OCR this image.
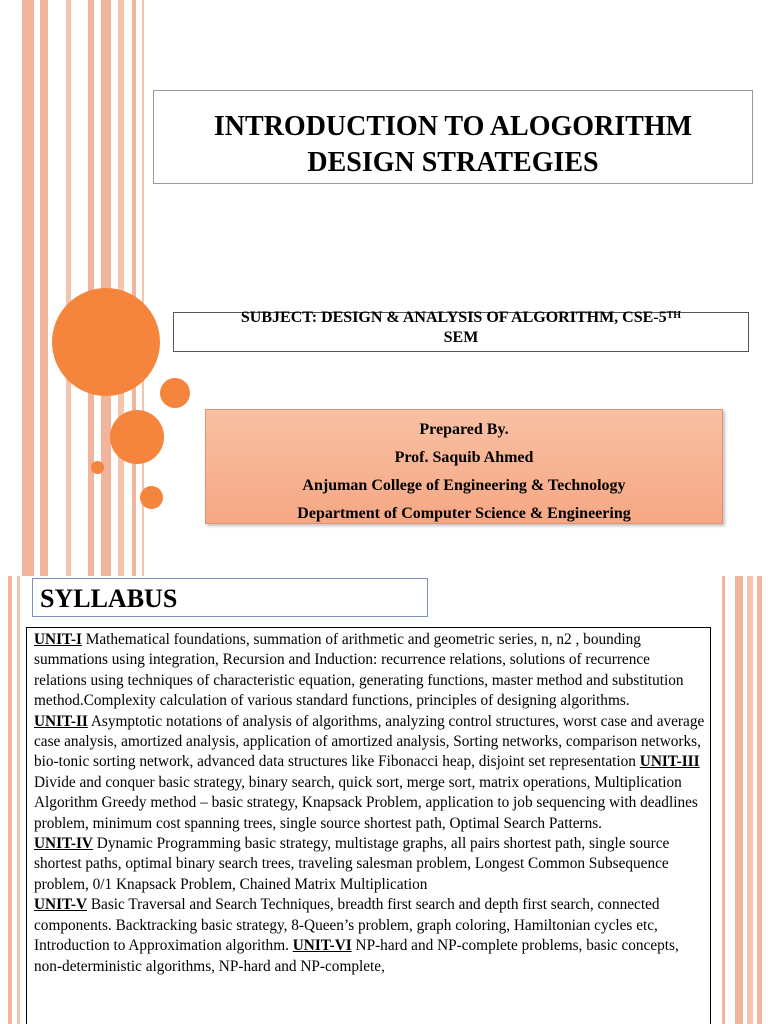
INTRODUCTION TO ALOGORITHM
DESIGN STRATEGIES
SUBJECT: DESIGN & ANALYSIS OF ALGORITHM, CSE-5TH
SEM
Prepared By.
Prof. Saquib Ahmed
Anjuman College of Engineering & Technology
Department of Computer Science & Engineering
SYLLABUS
UNIT-I Mathematical foundations, summation of arithmetic and geometric series, n, n2 , bounding summations using integration, Recursion and Induction: recurrence relations, solutions of recurrence relations using techniques of characteristic equation, generating functions, master method and substitution method.Complexity calculation of various standard functions, principles of designing algorithms.
UNIT-II Asymptotic notations of analysis of algorithms, analyzing control structures, worst case and average case analysis, amortized analysis, application of amortized analysis, Sorting networks, comparison networks, bio-tonic sorting network, advanced data structures like Fibonacci heap, disjoint set representation UNIT-III Divide and conquer basic strategy, binary search, quick sort, merge sort, matrix operations, Multiplication Algorithm Greedy method – basic strategy, Knapsack Problem, application to job sequencing with deadlines problem, minimum cost spanning trees, single source shortest path, Optimal Search Patterns.
UNIT-IV Dynamic Programming basic strategy, multistage graphs, all pairs shortest path, single source shortest paths, optimal binary search trees, traveling salesman problem, Longest Common Subsequence problem, 0/1 Knapsack Problem, Chained Matrix Multiplication
UNIT-V Basic Traversal and Search Techniques, breadth first search and depth first search, connected components. Backtracking basic strategy, 8-Queen’s problem, graph coloring, Hamiltonian cycles etc, Introduction to Approximation algorithm. UNIT-VI NP-hard and NP-complete problems, basic concepts, non-deterministic algorithms, NP-hard and NP-complete,
